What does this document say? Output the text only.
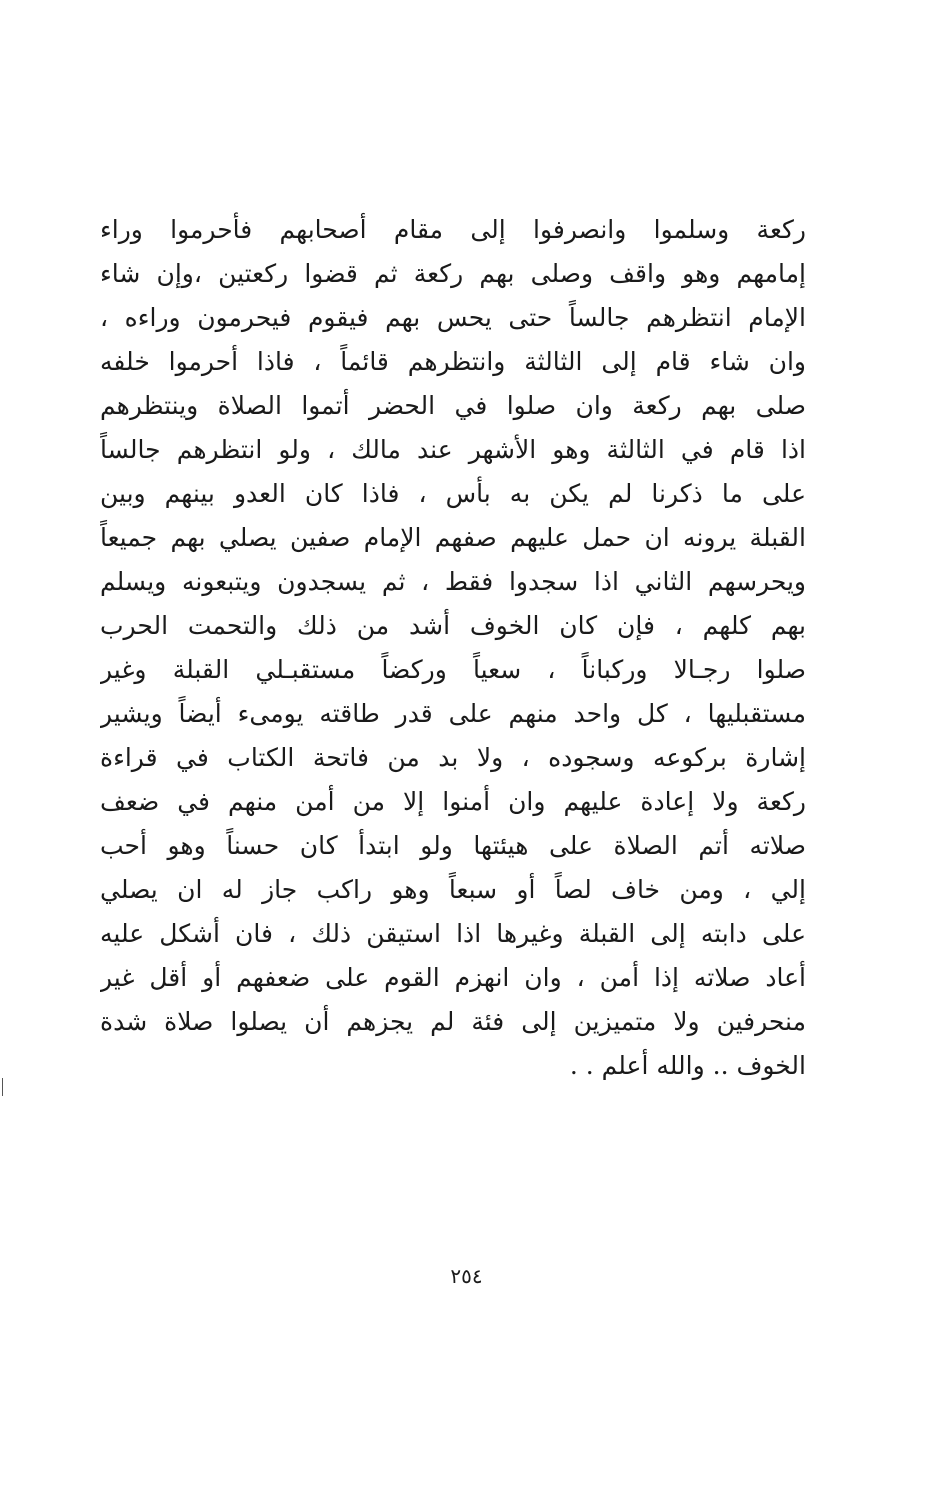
ركعة وسلموا وانصرفوا إلى مقام أصحابهم فأحرموا وراء
إمامهم وهو واقف وصلى بهم ركعة ثم قضوا ركعتين ،وإن شاء
الإمام انتظرهم جالساً حتى يحس بهم فيقوم فيحرمون وراءه ،
وان شاء قام إلى الثالثة وانتظرهم قائماً ، فاذا أحرموا خلفه
صلى بهم ركعة وان صلوا في الحضر أتموا الصلاة وينتظرهم
اذا قام في الثالثة وهو الأشهر عند مالك ، ولو انتظرهم جالساً
على ما ذكرنا لم يكن به بأس ، فاذا كان العدو بينهم وبين
القبلة يرونه ان حمل عليهم صفهم الإمام صفين يصلي بهم جميعاً
ويحرسهم الثاني اذا سجدوا فقط ، ثم يسجدون ويتبعونه ويسلم
بهم كلهم ، فإن كان الخوف أشد من ذلك والتحمت الحرب
صلوا رجـالا وركباناً ، سعياً وركضاً مستقبـلي القبلة وغير
مستقبليها ، كل واحد منهم على قدر طاقته يومىء أيضاً ويشير
إشارة بركوعه وسجوده ، ولا بد من فاتحة الكتاب في قراءة
ركعة ولا إعادة عليهم وان أمنوا إلا من أمن منهم في ضعف
صلاته أتم الصلاة على هيئتها ولو ابتدأ كان حسناً وهو أحب
إلي ، ومن خاف لصاً أو سبعاً وهو راكب جاز له ان يصلي
على دابته إلى القبلة وغيرها اذا استيقن ذلك ، فان أشكل عليه
أعاد صلاته إذا أمن ، وان انهزم القوم على ضعفهم أو أقل غير
منحرفين ولا متميزين إلى فئة لم يجزهم أن يصلوا صلاة شدة
الخوف .. والله أعلم . .
٢٥٤
